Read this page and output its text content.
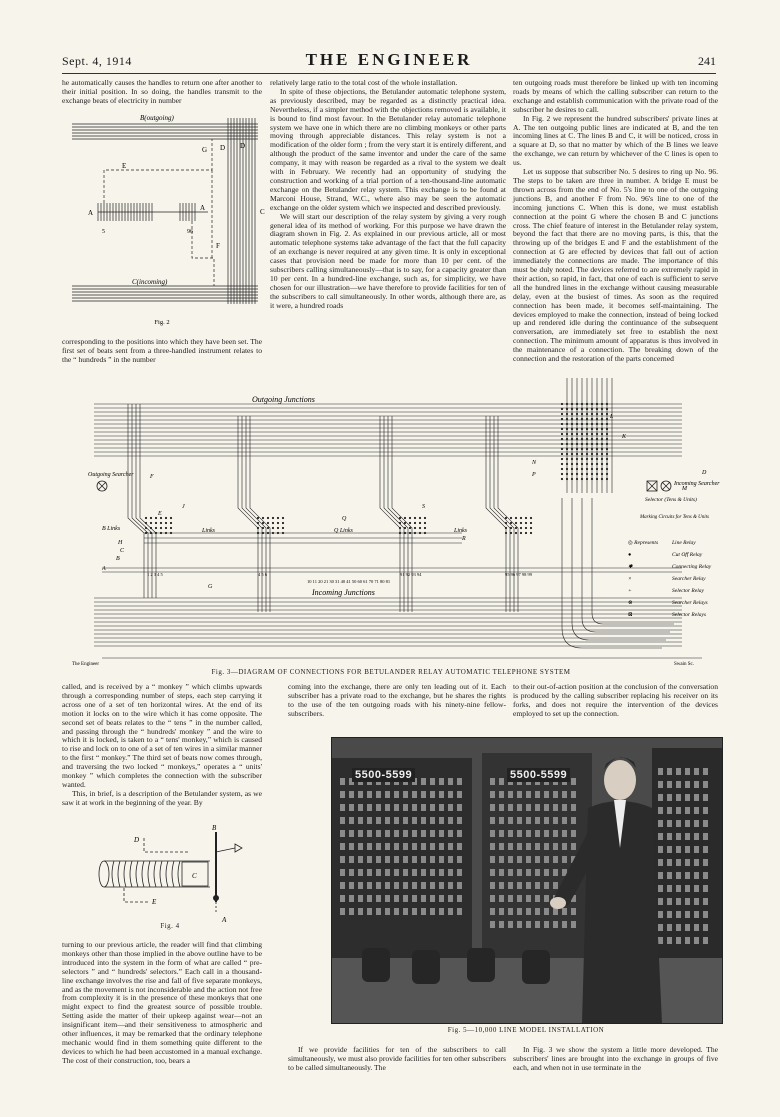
Sept. 4, 1914	THE ENGINEER	241

he automatically causes the handles to return one after another to their initial position. In so doing, the handles transmit to the exchange beats of electricity in number

B(outgoing)
C(incoming)
A
A
G D D
E
F
C
5	96
Fig. 2

corresponding to the positions into which they have been set. The first set of beats sent from a three-handled instrument relates to the “ hundreds ” in the number

relatively large ratio to the total cost of the whole installation.

In spite of these objections, the Betulander automatic telephone system, as previously described, may be regarded as a distinctly practical idea. Nevertheless, if a simpler method with the objections removed is available, it is bound to find most favour. In the Betulander relay automatic telephone system we have one in which there are no climbing monkeys or other parts moving through appreciable distances. This relay system is not a modification of the older form ; from the very start it is entirely different, and although the product of the same inventor and under the care of the same company, it may with reason be regarded as a rival to the system we dealt with in February. We recently had an opportunity of studying the construction and working of a trial portion of a ten-thousand-line automatic exchange on the Betulander relay system. This exchange is to be found at Marconi House, Strand, W.C., where also may be seen the automatic exchange on the older system which we inspected and described previously.

We will start our description of the relay system by giving a very rough general idea of its method of working. For this purpose we have drawn the diagram shown in Fig. 2. As explained in our previous article, all or most automatic telephone systems take advantage of the fact that the full capacity of an exchange is never required at any given time. It is only in exceptional cases that provision need be made for more than 10 per cent. of the subscribers calling simultaneously—that is to say, for a capacity greater than 10 per cent. In a hundred-line exchange, such as, for simplicity, we have chosen for our illustration—we have therefore to provide facilities for ten of the subscribers to call simultaneously. In other words, although there are, as it were, a hundred roads

ten outgoing roads must therefore be linked up with ten incoming roads by means of which the calling subscriber can return to the exchange and establish communication with the private road of the subscriber he desires to call.

In Fig. 2 we represent the hundred subscribers' private lines at A. The ten outgoing public lines are indicated at B, and the ten incoming lines at C. The lines B and C, it will be noticed, cross in a square at D, so that no matter by which of the B lines we leave the exchange, we can return by whichever of the C lines is open to us.

Let us suppose that subscriber No. 5 desires to ring up No. 96. The steps to be taken are three in number. A bridge E must be thrown across from the end of No. 5's line to one of the outgoing junctions B, and another F from No. 96's line to one of the incoming junctions C. When this is done, we must establish connection at the point G where the chosen B and C junctions cross. The chief feature of interest in the Betulander relay system, beyond the fact that there are no moving parts, is this, that the throwing up of the bridges E and F and the establishment of the connection at G are effected by devices that fall out of action immediately the connections are made. The importance of this must be duly noted. The devices referred to are extremely rapid in their action, so rapid, in fact, that one of each is sufficient to serve all the hundred lines in the exchange without causing measurable delay, even at the busiest of times. As soon as the required connection has been made, it becomes self-maintaining. The devices employed to make the connection, instead of being locked up and rendered idle during the continuance of the subsequent conversation, are immediately set free to establish the next connection. The minimum amount of apparatus is thus involved in the maintenance of a connection. The breaking down of the connection and the restoration of the parts concerned

Outgoing Junctions
Incoming Junctions
Outgoing Searcher
Incoming Searcher
Selector (Tens & Units)
Marking Circuits for Tens & Units
Links	Links
Q Links
B Links
10 11 20 21 30 31 40 41 50 60 61 70 71 80 81
91 92 93 94	95 96 97 98 99
4 5 6
1 2 3 4 5
A
B
C
D
E
F
G
H
J
K
L
M
N
P
Q
R
S
◎ Represents	Line Relay
●	Cut Off Relay
✱	Connecting Relay
×	Searcher Relay
+	Selector Relay
⊗	Searcher Relays
⊠	Selector Relays
The Engineer	Swain Sc.
Fig. 3—DIAGRAM OF CONNECTIONS FOR BETULANDER RELAY AUTOMATIC TELEPHONE SYSTEM

called, and is received by a “ monkey ” which climbs upwards through a corresponding number of steps, each step carrying it across one of a set of ten horizontal wires. At the end of its motion it locks on to the wire which it has come opposite. The second set of beats relates to the “ tens ” in the number called, and passing through the “ hundreds' monkey ” and the wire to which it is locked, is taken to a “ tens' monkey,” which is caused to rise and lock on to one of a set of ten wires in a similar manner to the first “ monkey.” The third set of beats now comes through, and traversing the two locked “ monkeys,” operates a “ units' monkey ” which completes the connection with the subscriber wanted.

This, in brief, is a description of the Betulander system, as we saw it at work in the beginning of the year. By

B
D
C
E
A
Fig. 4

turning to our previous article, the reader will find that climbing monkeys other than those implied in the above outline have to be introduced into the system in the form of what are called “ pre-selectors ” and “ hundreds' selectors.” Each call in a thousand-line exchange involves the rise and fall of five separate monkeys, and as the movement is not inconsiderable and the action not free from complexity it is in the presence of these monkeys that one might expect to find the greatest source of possible trouble. Setting aside the matter of their upkeep against wear—not an insignificant item—and their sensitiveness to atmospheric and other influences, it may be remarked that the ordinary telephone mechanic would find in them something quite different to the devices to which he had been accustomed in a manual exchange. The cost of their construction, too, bears a

coming into the exchange, there are only ten leading out of it. Each subscriber has a private road to the exchange, but he shares the rights to the use of the ten outgoing roads with his ninety-nine fellow-subscribers.

to their out-of-action position at the conclusion of the conversation is produced by the calling subscriber replacing his receiver on its forks, and does not require the intervention of the devices employed to set up the connection.

5500-5599	5500-5599
Fig. 5—10,000 LINE MODEL INSTALLATION

If we provide facilities for ten of the subscribers to call simultaneously, we must also provide facilities for ten other subscribers to be called simultaneously. The

In Fig. 3 we show the system a little more developed. The subscribers' lines are brought into the exchange in groups of five each, and when not in use terminate in the
